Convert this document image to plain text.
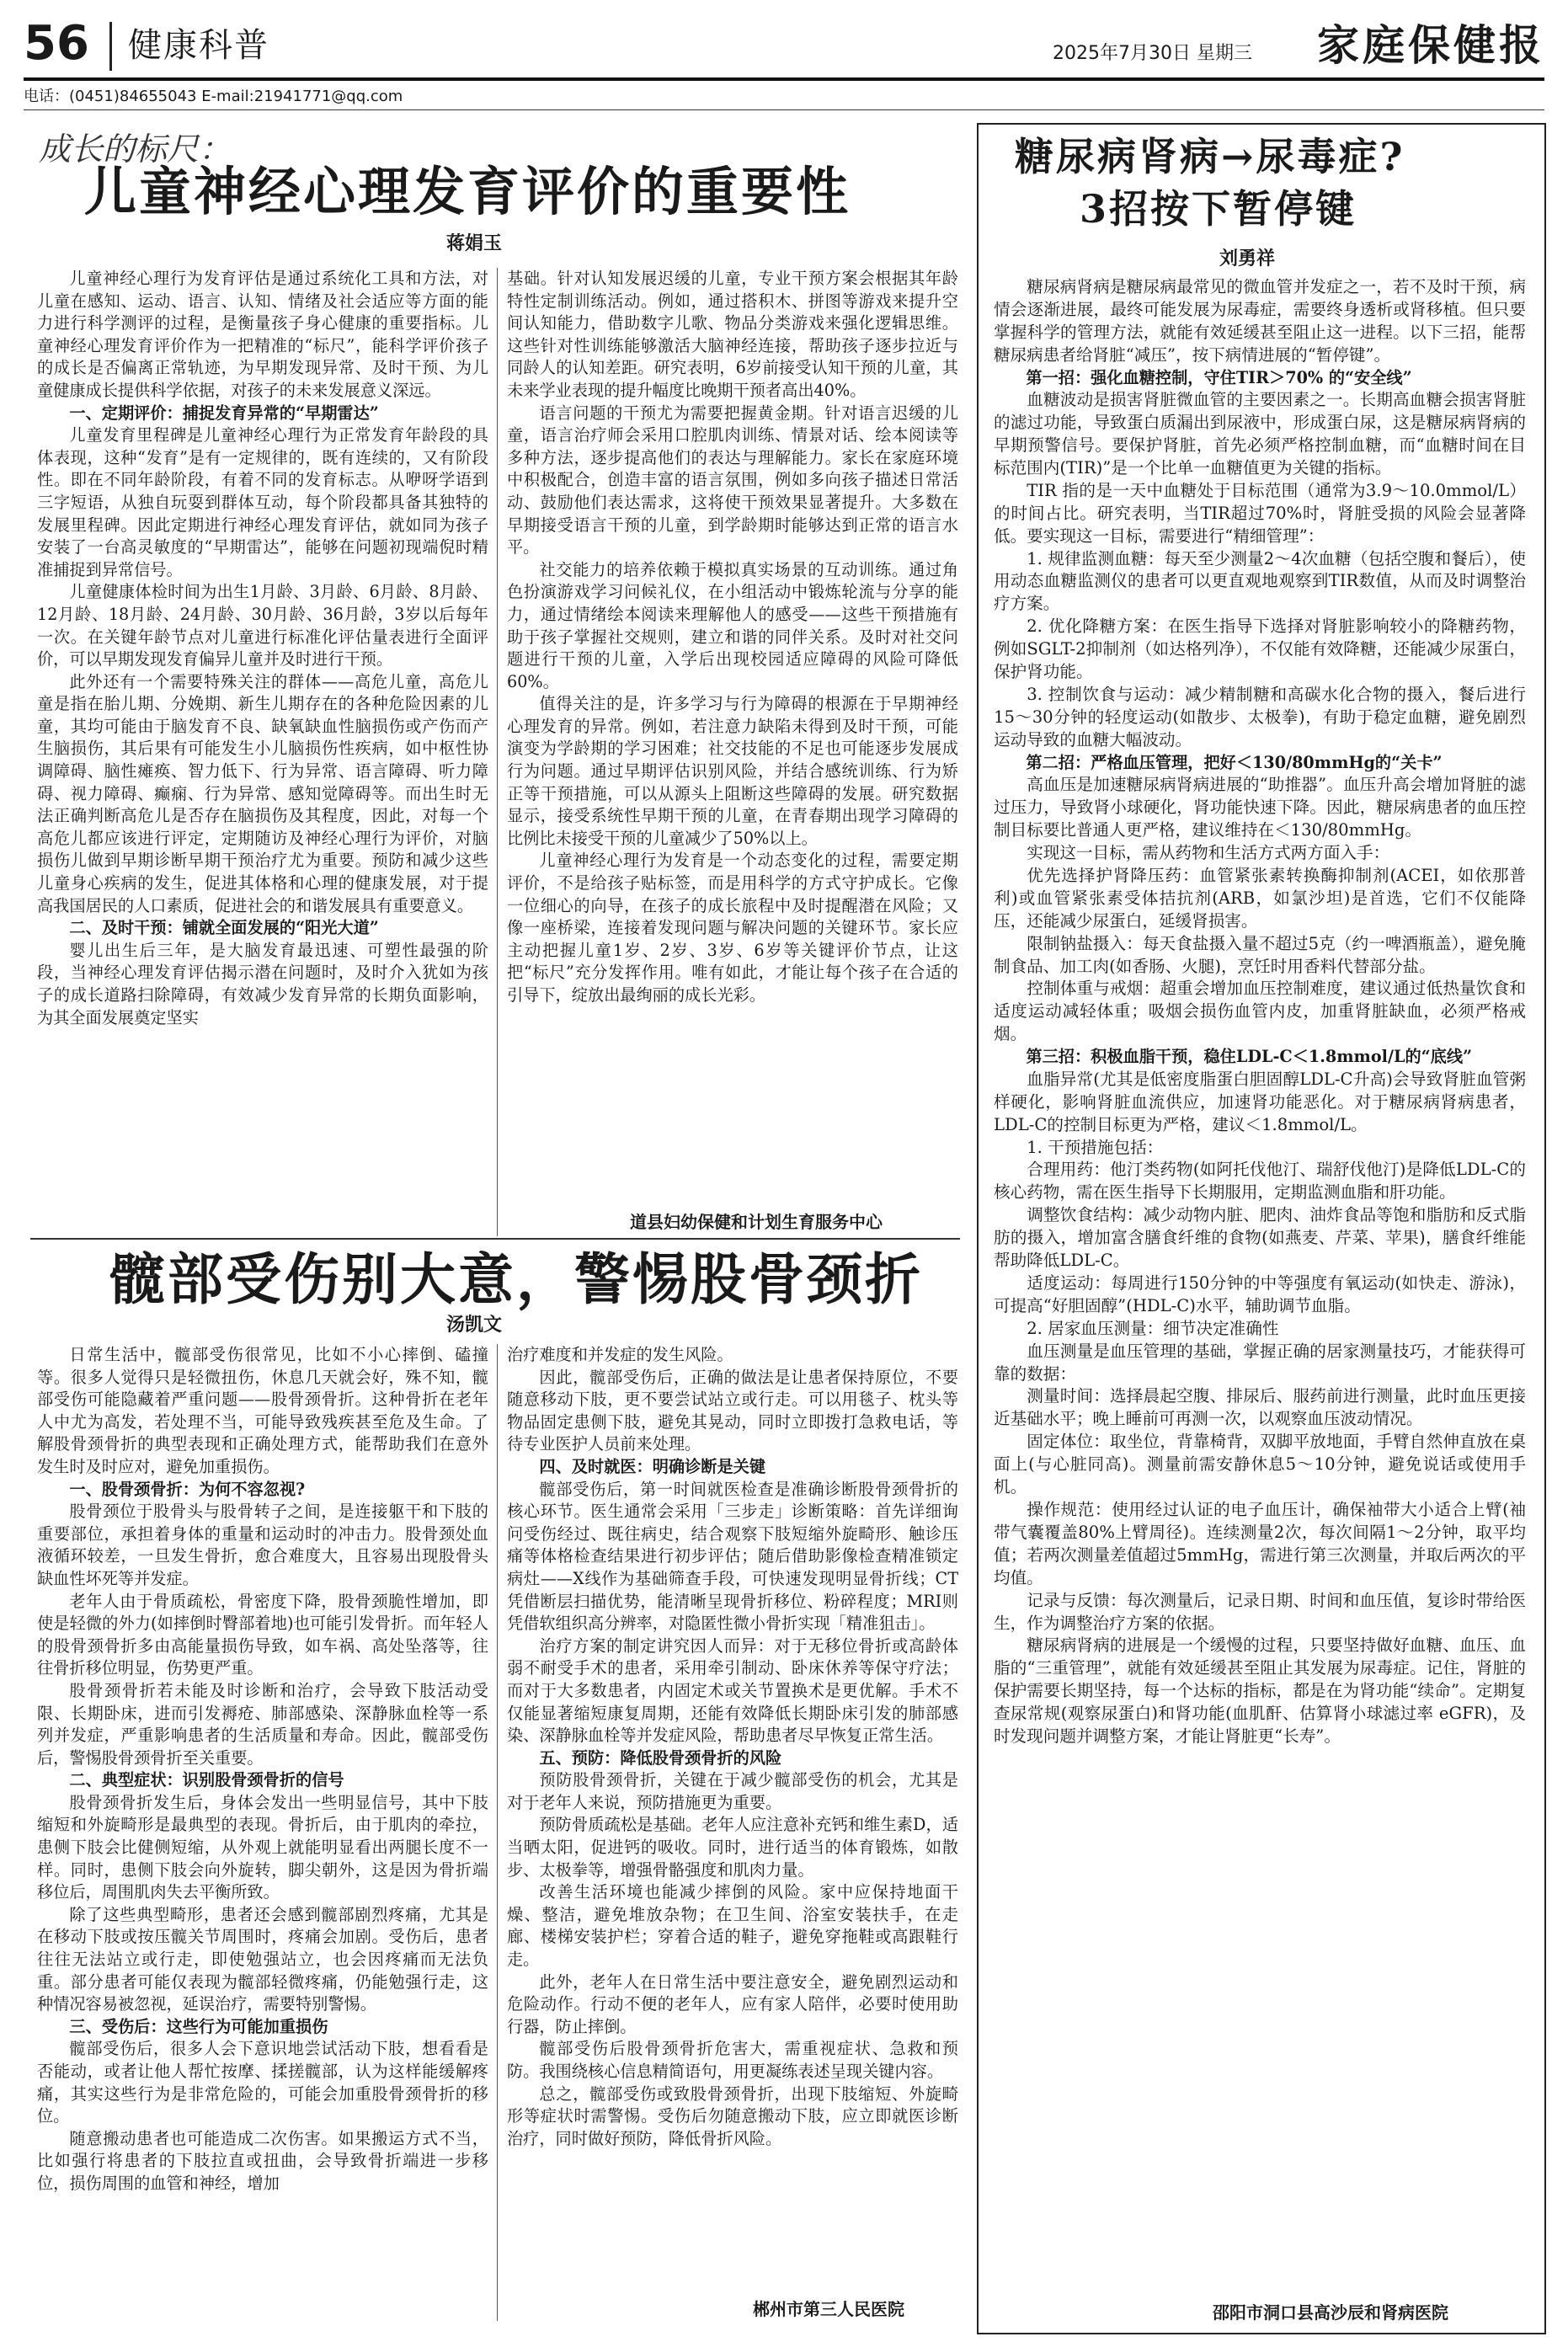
56 健康科普	2025年7月30日 星期三 家庭保健报
电话：(0451)84655043 E-mail:21941771@qq.com
成长的标尺：
儿童神经心理发育评价的重要性
蒋娟玉

儿童神经心理行为发育评估是通过系统化工具和方法，对儿童在感知、运动、语言、认知、情绪及社会适应等方面的能力进行科学测评的过程，是衡量孩子身心健康的重要指标。儿童神经心理发育评价作为一把精准的“标尺”，能科学评价孩子的成长是否偏离正常轨迹，为早期发现异常、及时干预、为儿童健康成长提供科学依据，对孩子的未来发展意义深远。

一、定期评价：捕捉发育异常的“早期雷达”

儿童发育里程碑是儿童神经心理行为正常发育年龄段的具体表现，这种“发育”是有一定规律的，既有连续的，又有阶段性。即在不同年龄阶段，有着不同的发育标志。从咿呀学语到三字短语，从独自玩耍到群体互动，每个阶段都具备其独特的发展里程碑。因此定期进行神经心理发育评估，就如同为孩子安装了一台高灵敏度的“早期雷达”，能够在问题初现端倪时精准捕捉到异常信号。

儿童健康体检时间为出生1月龄、3月龄、6月龄、8月龄、12月龄、18月龄、24月龄、30月龄、36月龄，3岁以后每年一次。在关键年龄节点对儿童进行标准化评估量表进行全面评价，可以早期发现发育偏异儿童并及时进行干预。

此外还有一个需要特殊关注的群体——高危儿童，高危儿童是指在胎儿期、分娩期、新生儿期存在的各种危险因素的儿童，其均可能由于脑发育不良、缺氧缺血性脑损伤或产伤而产生脑损伤，其后果有可能发生小儿脑损伤性疾病，如中枢性协调障碍、脑性瘫痪、智力低下、行为异常、语言障碍、听力障碍、视力障碍、癫痫、行为异常、感知觉障碍等。而出生时无法正确判断高危儿是否存在脑损伤及其程度，因此，对每一个高危儿都应该进行评定，定期随访及神经心理行为评价，对脑损伤儿做到早期诊断早期干预治疗尤为重要。预防和减少这些儿童身心疾病的发生，促进其体格和心理的健康发展，对于提高我国居民的人口素质，促进社会的和谐发展具有重要意义。

二、及时干预：铺就全面发展的“阳光大道”

婴儿出生后三年，是大脑发育最迅速、可塑性最强的阶段，当神经心理发育评估揭示潜在问题时，及时介入犹如为孩子的成长道路扫除障碍，有效减少发育异常的长期负面影响，为其全面发展奠定坚实

基础。针对认知发展迟缓的儿童，专业干预方案会根据其年龄特性定制训练活动。例如，通过搭积木、拼图等游戏来提升空间认知能力，借助数字儿歌、物品分类游戏来强化逻辑思维。这些针对性训练能够激活大脑神经连接，帮助孩子逐步拉近与同龄人的认知差距。研究表明，6岁前接受认知干预的儿童，其未来学业表现的提升幅度比晚期干预者高出40%。

语言问题的干预尤为需要把握黄金期。针对语言迟缓的儿童，语言治疗师会采用口腔肌肉训练、情景对话、绘本阅读等多种方法，逐步提高他们的表达与理解能力。家长在家庭环境中积极配合，创造丰富的语言氛围，例如多向孩子描述日常活动、鼓励他们表达需求，这将使干预效果显著提升。大多数在早期接受语言干预的儿童，到学龄期时能够达到正常的语言水平。

社交能力的培养依赖于模拟真实场景的互动训练。通过角色扮演游戏学习问候礼仪，在小组活动中锻炼轮流与分享的能力，通过情绪绘本阅读来理解他人的感受——这些干预措施有助于孩子掌握社交规则，建立和谐的同伴关系。及时对社交问题进行干预的儿童，入学后出现校园适应障碍的风险可降低60%。

值得关注的是，许多学习与行为障碍的根源在于早期神经心理发育的异常。例如，若注意力缺陷未得到及时干预，可能演变为学龄期的学习困难；社交技能的不足也可能逐步发展成行为问题。通过早期评估识别风险，并结合感统训练、行为矫正等干预措施，可以从源头上阻断这些障碍的发展。研究数据显示，接受系统性早期干预的儿童，在青春期出现学习障碍的比例比未接受干预的儿童减少了50%以上。

儿童神经心理行为发育是一个动态变化的过程，需要定期评价，不是给孩子贴标签，而是用科学的方式守护成长。它像一位细心的向导，在孩子的成长旅程中及时提醒潜在风险；又像一座桥梁，连接着发现问题与解决问题的关键环节。家长应主动把握儿童1岁、2岁、3岁、6岁等关键评价节点，让这把“标尺”充分发挥作用。唯有如此，才能让每个孩子在合适的引导下，绽放出最绚丽的成长光彩。

道县妇幼保健和计划生育服务中心
髋部受伤别大意，警惕股骨颈折
汤凯文

日常生活中，髋部受伤很常见，比如不小心摔倒、磕撞等。很多人觉得只是轻微扭伤，休息几天就会好，殊不知，髋部受伤可能隐藏着严重问题——股骨颈骨折。这种骨折在老年人中尤为高发，若处理不当，可能导致残疾甚至危及生命。了解股骨颈骨折的典型表现和正确处理方式，能帮助我们在意外发生时及时应对，避免加重损伤。

一、股骨颈骨折：为何不容忽视?

股骨颈位于股骨头与股骨转子之间，是连接躯干和下肢的重要部位，承担着身体的重量和运动时的冲击力。股骨颈处血液循环较差，一旦发生骨折，愈合难度大，且容易出现股骨头缺血性坏死等并发症。

老年人由于骨质疏松，骨密度下降，股骨颈脆性增加，即使是轻微的外力(如摔倒时臀部着地)也可能引发骨折。而年轻人的股骨颈骨折多由高能量损伤导致，如车祸、高处坠落等，往往骨折移位明显，伤势更严重。

股骨颈骨折若未能及时诊断和治疗，会导致下肢活动受限、长期卧床，进而引发褥疮、肺部感染、深静脉血栓等一系列并发症，严重影响患者的生活质量和寿命。因此，髋部受伤后，警惕股骨颈骨折至关重要。

二、典型症状：识别股骨颈骨折的信号

股骨颈骨折发生后，身体会发出一些明显信号，其中下肢缩短和外旋畸形是最典型的表现。骨折后，由于肌肉的牵拉，患侧下肢会比健侧短缩，从外观上就能明显看出两腿长度不一样。同时，患侧下肢会向外旋转，脚尖朝外，这是因为骨折端移位后，周围肌肉失去平衡所致。

除了这些典型畸形，患者还会感到髋部剧烈疼痛，尤其是在移动下肢或按压髋关节周围时，疼痛会加剧。受伤后，患者往往无法站立或行走，即使勉强站立，也会因疼痛而无法负重。部分患者可能仅表现为髋部轻微疼痛，仍能勉强行走，这种情况容易被忽视，延误治疗，需要特别警惕。

三、受伤后：这些行为可能加重损伤

髋部受伤后，很多人会下意识地尝试活动下肢，想看看是否能动，或者让他人帮忙按摩、揉搓髋部，认为这样能缓解疼痛，其实这些行为是非常危险的，可能会加重股骨颈骨折的移位。

随意搬动患者也可能造成二次伤害。如果搬运方式不当，比如强行将患者的下肢拉直或扭曲，会导致骨折端进一步移位，损伤周围的血管和神经，增加

治疗难度和并发症的发生风险。

因此，髋部受伤后，正确的做法是让患者保持原位，不要随意移动下肢，更不要尝试站立或行走。可以用毯子、枕头等物品固定患侧下肢，避免其晃动，同时立即拨打急救电话，等待专业医护人员前来处理。

四、及时就医：明确诊断是关键

髋部受伤后，第一时间就医检查是准确诊断股骨颈骨折的核心环节。医生通常会采用「三步走」诊断策略：首先详细询问受伤经过、既往病史，结合观察下肢短缩外旋畸形、触诊压痛等体格检查结果进行初步评估；随后借助影像检查精准锁定病灶——X线作为基础筛查手段，可快速发现明显骨折线；CT凭借断层扫描优势，能清晰呈现骨折移位、粉碎程度；MRI则凭借软组织高分辨率，对隐匿性微小骨折实现「精准狙击」。

治疗方案的制定讲究因人而异：对于无移位骨折或高龄体弱不耐受手术的患者，采用牵引制动、卧床休养等保守疗法；而对于大多数患者，内固定术或关节置换术是更优解。手术不仅能显著缩短康复周期，还能有效降低长期卧床引发的肺部感染、深静脉血栓等并发症风险，帮助患者尽早恢复正常生活。

五、预防：降低股骨颈骨折的风险

预防股骨颈骨折，关键在于减少髋部受伤的机会，尤其是对于老年人来说，预防措施更为重要。

预防骨质疏松是基础。老年人应注意补充钙和维生素D，适当晒太阳，促进钙的吸收。同时，进行适当的体育锻炼，如散步、太极拳等，增强骨骼强度和肌肉力量。

改善生活环境也能减少摔倒的风险。家中应保持地面干燥、整洁，避免堆放杂物；在卫生间、浴室安装扶手，在走廊、楼梯安装护栏；穿着合适的鞋子，避免穿拖鞋或高跟鞋行走。

此外，老年人在日常生活中要注意安全，避免剧烈运动和危险动作。行动不便的老年人，应有家人陪伴，必要时使用助行器，防止摔倒。

髋部受伤后股骨颈骨折危害大，需重视症状、急救和预防。我围绕核心信息精简语句，用更凝练表述呈现关键内容。

总之，髋部受伤或致股骨颈骨折，出现下肢缩短、外旋畸形等症状时需警惕。受伤后勿随意搬动下肢，应立即就医诊断治疗，同时做好预防，降低骨折风险。

郴州市第三人民医院
糖尿病肾病→尿毒症?
3招按下暂停键
刘勇祥

糖尿病肾病是糖尿病最常见的微血管并发症之一，若不及时干预，病情会逐渐进展，最终可能发展为尿毒症，需要终身透析或肾移植。但只要掌握科学的管理方法，就能有效延缓甚至阻止这一进程。以下三招，能帮糖尿病患者给肾脏“减压”，按下病情进展的“暂停键”。

第一招：强化血糖控制，守住TIR＞70% 的“安全线”

血糖波动是损害肾脏微血管的主要因素之一。长期高血糖会损害肾脏的滤过功能，导致蛋白质漏出到尿液中，形成蛋白尿，这是糖尿病肾病的早期预警信号。要保护肾脏，首先必须严格控制血糖，而“血糖时间在目标范围内(TIR)”是一个比单一血糖值更为关键的指标。

TIR 指的是一天中血糖处于目标范围（通常为3.9～10.0mmol/L）的时间占比。研究表明，当TIR超过70%时，肾脏受损的风险会显著降低。要实现这一目标，需要进行“精细管理”：

1. 规律监测血糖：每天至少测量2～4次血糖（包括空腹和餐后），使用动态血糖监测仪的患者可以更直观地观察到TIR数值，从而及时调整治疗方案。

2. 优化降糖方案：在医生指导下选择对肾脏影响较小的降糖药物，例如SGLT-2抑制剂（如达格列净），不仅能有效降糖，还能减少尿蛋白，保护肾功能。

3. 控制饮食与运动：减少精制糖和高碳水化合物的摄入，餐后进行15～30分钟的轻度运动(如散步、太极拳)，有助于稳定血糖，避免剧烈运动导致的血糖大幅波动。

第二招：严格血压管理，把好＜130/80mmHg的“关卡”

高血压是加速糖尿病肾病进展的“助推器”。血压升高会增加肾脏的滤过压力，导致肾小球硬化，肾功能快速下降。因此，糖尿病患者的血压控制目标要比普通人更严格，建议维持在＜130/80mmHg。

实现这一目标，需从药物和生活方式两方面入手：

优先选择护肾降压药：血管紧张素转换酶抑制剂(ACEI，如依那普利)或血管紧张素受体拮抗剂(ARB，如氯沙坦)是首选，它们不仅能降压，还能减少尿蛋白，延缓肾损害。

限制钠盐摄入：每天食盐摄入量不超过5克（约一啤酒瓶盖），避免腌制食品、加工肉(如香肠、火腿)，烹饪时用香料代替部分盐。

控制体重与戒烟：超重会增加血压控制难度，建议通过低热量饮食和适度运动减轻体重；吸烟会损伤血管内皮，加重肾脏缺血，必须严格戒烟。

第三招：积极血脂干预，稳住LDL-C＜1.8mmol/L的“底线”

血脂异常(尤其是低密度脂蛋白胆固醇LDL-C升高)会导致肾脏血管粥样硬化，影响肾脏血流供应，加速肾功能恶化。对于糖尿病肾病患者，LDL-C的控制目标更为严格，建议＜1.8mmol/L。

1. 干预措施包括：

合理用药：他汀类药物(如阿托伐他汀、瑞舒伐他汀)是降低LDL-C的核心药物，需在医生指导下长期服用，定期监测血脂和肝功能。

调整饮食结构：减少动物内脏、肥肉、油炸食品等饱和脂肪和反式脂肪的摄入，增加富含膳食纤维的食物(如燕麦、芹菜、苹果)，膳食纤维能帮助降低LDL-C。

适度运动：每周进行150分钟的中等强度有氧运动(如快走、游泳)，可提高“好胆固醇”(HDL-C)水平，辅助调节血脂。

2. 居家血压测量：细节决定准确性

血压测量是血压管理的基础，掌握正确的居家测量技巧，才能获得可靠的数据：

测量时间：选择晨起空腹、排尿后、服药前进行测量，此时血压更接近基础水平；晚上睡前可再测一次，以观察血压波动情况。

固定体位：取坐位，背靠椅背，双脚平放地面，手臂自然伸直放在桌面上(与心脏同高)。测量前需安静休息5～10分钟，避免说话或使用手机。

操作规范：使用经过认证的电子血压计，确保袖带大小适合上臂(袖带气囊覆盖80%上臂周径)。连续测量2次，每次间隔1～2分钟，取平均值；若两次测量差值超过5mmHg，需进行第三次测量，并取后两次的平均值。

记录与反馈：每次测量后，记录日期、时间和血压值，复诊时带给医生，作为调整治疗方案的依据。

糖尿病肾病的进展是一个缓慢的过程，只要坚持做好血糖、血压、血脂的“三重管理”，就能有效延缓甚至阻止其发展为尿毒症。记住，肾脏的保护需要长期坚持，每一个达标的指标，都是在为肾功能“续命”。定期复查尿常规(观察尿蛋白)和肾功能(血肌酐、估算肾小球滤过率 eGFR)，及时发现问题并调整方案，才能让肾脏更“长寿”。

邵阳市洞口县高沙辰和肾病医院
